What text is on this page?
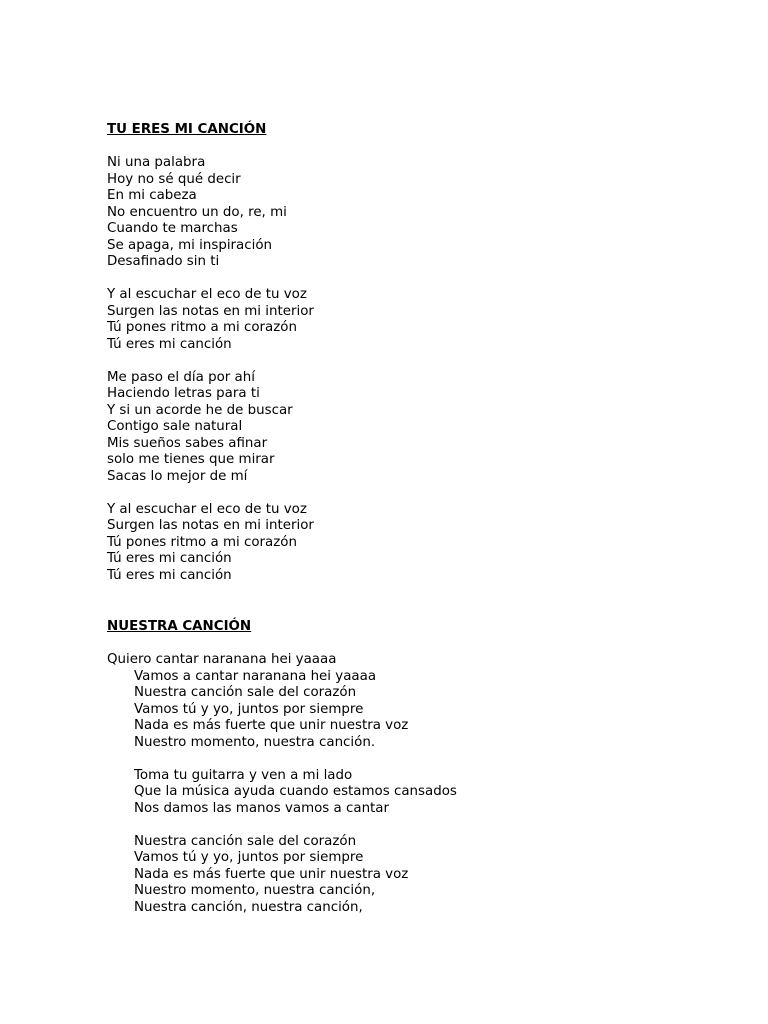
TU ERES MI CANCIÓN
Ni una palabra
Hoy no sé qué decir
En mi cabeza
No encuentro un do, re, mi
Cuando te marchas
Se apaga, mi inspiración
Desafinado sin ti
Y al escuchar el eco de tu voz
Surgen las notas en mi interior
Tú pones ritmo a mi corazón
Tú eres mi canción
Me paso el día por ahí
Haciendo letras para ti
Y si un acorde he de buscar
Contigo sale natural
Mis sueños sabes afinar
solo me tienes que mirar
Sacas lo mejor de mí
Y al escuchar el eco de tu voz
Surgen las notas en mi interior
Tú pones ritmo a mi corazón
Tú eres mi canción
Tú eres mi canción
NUESTRA CANCIÓN
Quiero cantar naranana hei yaaaa
Vamos a cantar naranana hei yaaaa
Nuestra canción sale del corazón
Vamos tú y yo, juntos por siempre
Nada es más fuerte que unir nuestra voz
Nuestro momento, nuestra canción.
Toma tu guitarra y ven a mi lado
Que la música ayuda cuando estamos cansados
Nos damos las manos vamos a cantar
Nuestra canción sale del corazón
Vamos tú y yo, juntos por siempre
Nada es más fuerte que unir nuestra voz
Nuestro momento, nuestra canción,
Nuestra canción, nuestra canción,
